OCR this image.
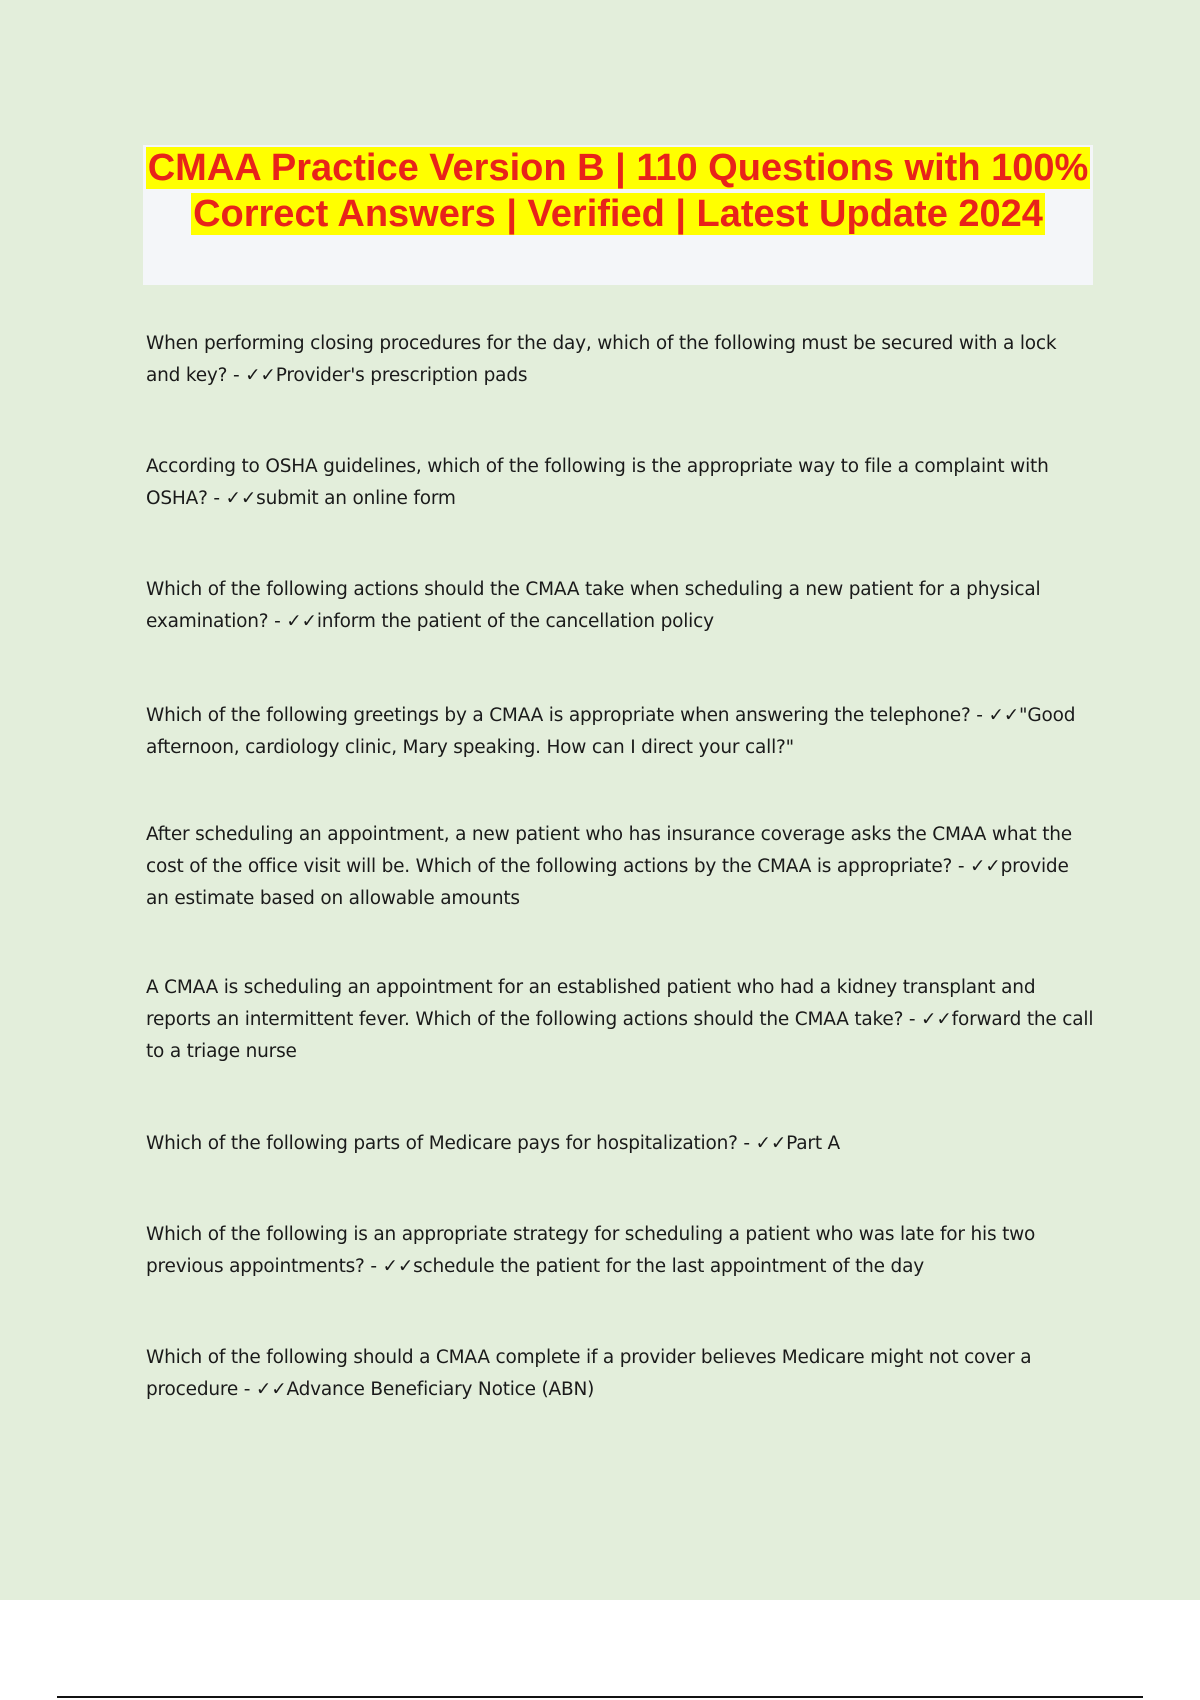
CMAA Practice Version B | 110 Questions with 100% Correct Answers | Verified | Latest Update 2024

When performing closing procedures for the day, which of the following must be secured with a lock and key? - ✓✓Provider's prescription pads

According to OSHA guidelines, which of the following is the appropriate way to file a complaint with OSHA? - ✓✓submit an online form

Which of the following actions should the CMAA take when scheduling a new patient for a physical examination? - ✓✓inform the patient of the cancellation policy

Which of the following greetings by a CMAA is appropriate when answering the telephone? - ✓✓"Good afternoon, cardiology clinic, Mary speaking. How can I direct your call?"

After scheduling an appointment, a new patient who has insurance coverage asks the CMAA what the cost of the office visit will be. Which of the following actions by the CMAA is appropriate? - ✓✓provide an estimate based on allowable amounts

A CMAA is scheduling an appointment for an established patient who had a kidney transplant and reports an intermittent fever. Which of the following actions should the CMAA take? - ✓✓forward the call to a triage nurse

Which of the following parts of Medicare pays for hospitalization? - ✓✓Part A

Which of the following is an appropriate strategy for scheduling a patient who was late for his two previous appointments? - ✓✓schedule the patient for the last appointment of the day

Which of the following should a CMAA complete if a provider believes Medicare might not cover a procedure - ✓✓Advance Beneficiary Notice (ABN)
